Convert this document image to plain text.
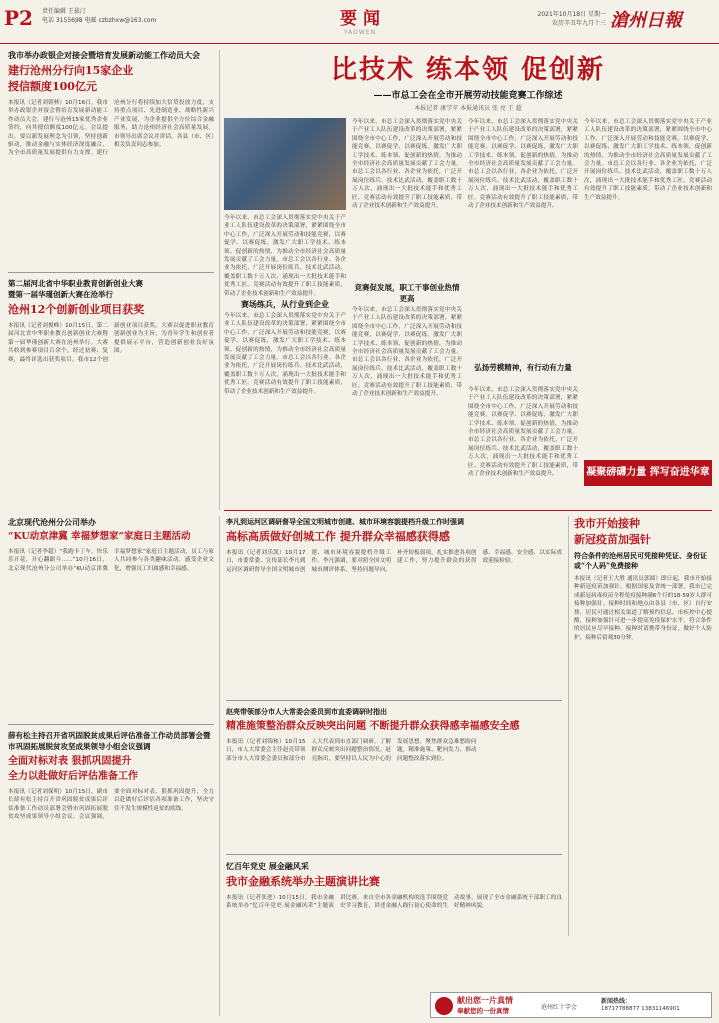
P2 责任编辑 王拔汀
电话 3155698 电邮 czbzhxw@163.com	要 闻
YAOWEN
2021年10月18日 星期一
农历辛丑年九月十三 滄州日報
我市举办政银企对接会暨培育发展新动能工作动员大会
建行沧州分行向15家企业
授信额度100亿元
本报讯（记者刘朝林）10月16日，我市举办政银企对接会暨培育发展新动能工作动员大会。建行与沧州15家优秀企业签约，向其授信额度100亿元。会议提出，要以新发展理念为引领，坚持创新驱动，推动金融与实体经济深度融合，为全市高质量发展提供有力支撑。建行沧州分行将持续加大信贷投放力度，支持重点项目、先进制造业、战略性新兴产业发展，为企业提供全方位综合金融服务，助力沧州经济社会高质量发展。市领导出席会议并讲话，各县（市、区）相关负责同志参加。
第二届河北省中华职业教育创新创业大赛
暨第一届华瑾创新大赛在沧举行
沧州12个创新创业项目获奖
本报讯（记者刘俊峰）10月15日，第二届河北省中华职业教育创新创业大赛暨第一届华瑾创新大赛在沧州举行。大赛共收到参赛项目百余个，经过初赛、复赛，最终评选出获奖项目。我市12个创新创业项目获奖。大赛以促进职业教育创新创业为主旨，为青年学生和创业者提供展示平台，营造创新创业良好氛围。
比技术 练本领 促创新
——市总工会在全市开展劳动技能竞赛工作综述
本报记者 康学苹 本报通讯员 张 亮 王 超
今年以来，市总工会深入贯彻落实党中央关于产业工人队伍建设改革的决策部署，紧紧围绕全市中心工作，广泛深入开展劳动和技能竞赛，以赛促学、以赛促练，激发广大职工学技术、练本领、促创新的热情，为推动全市经济社会高质量发展贡献了工会力量。市总工会以各行业、各企业为依托，广泛开展岗位练兵、技术比武活动，覆盖职工数十万人次，涌现出一大批技术能手和优秀工匠。竞赛活动有效提升了职工技能素质，带动了企业技术创新和生产效益提升。
赛场练兵，从行业到企业
今年以来，市总工会深入贯彻落实党中央关于产业工人队伍建设改革的决策部署，紧紧围绕全市中心工作，广泛深入开展劳动和技能竞赛，以赛促学、以赛促练，激发广大职工学技术、练本领、促创新的热情，为推动全市经济社会高质量发展贡献了工会力量。市总工会以各行业、各企业为依托，广泛开展岗位练兵、技术比武活动，覆盖职工数十万人次，涌现出一大批技术能手和优秀工匠。竞赛活动有效提升了职工技能素质，带动了企业技术创新和生产效益提升。
今年以来，市总工会深入贯彻落实党中央关于产业工人队伍建设改革的决策部署，紧紧围绕全市中心工作，广泛深入开展劳动和技能竞赛，以赛促学、以赛促练，激发广大职工学技术、练本领、促创新的热情，为推动全市经济社会高质量发展贡献了工会力量。市总工会以各行业、各企业为依托，广泛开展岗位练兵、技术比武活动，覆盖职工数十万人次，涌现出一大批技术能手和优秀工匠。竞赛活动有效提升了职工技能素质，带动了企业技术创新和生产效益提升。
竞赛促发展，职工干事创业热情更高
今年以来，市总工会深入贯彻落实党中央关于产业工人队伍建设改革的决策部署，紧紧围绕全市中心工作，广泛深入开展劳动和技能竞赛，以赛促学、以赛促练，激发广大职工学技术、练本领、促创新的热情，为推动全市经济社会高质量发展贡献了工会力量。市总工会以各行业、各企业为依托，广泛开展岗位练兵、技术比武活动，覆盖职工数十万人次，涌现出一大批技术能手和优秀工匠。竞赛活动有效提升了职工技能素质，带动了企业技术创新和生产效益提升。
今年以来，市总工会深入贯彻落实党中央关于产业工人队伍建设改革的决策部署，紧紧围绕全市中心工作，广泛深入开展劳动和技能竞赛，以赛促学、以赛促练，激发广大职工学技术、练本领、促创新的热情，为推动全市经济社会高质量发展贡献了工会力量。市总工会以各行业、各企业为依托，广泛开展岗位练兵、技术比武活动，覆盖职工数十万人次，涌现出一大批技术能手和优秀工匠。竞赛活动有效提升了职工技能素质，带动了企业技术创新和生产效益提升。
弘扬劳模精神，有行动有力量
今年以来，市总工会深入贯彻落实党中央关于产业工人队伍建设改革的决策部署，紧紧围绕全市中心工作，广泛深入开展劳动和技能竞赛，以赛促学、以赛促练，激发广大职工学技术、练本领、促创新的热情，为推动全市经济社会高质量发展贡献了工会力量。市总工会以各行业、各企业为依托，广泛开展岗位练兵、技术比武活动，覆盖职工数十万人次，涌现出一大批技术能手和优秀工匠。竞赛活动有效提升了职工技能素质，带动了企业技术创新和生产效益提升。
今年以来，市总工会深入贯彻落实党中央关于产业工人队伍建设改革的决策部署，紧紧围绕全市中心工作，广泛深入开展劳动和技能竞赛，以赛促学、以赛促练，激发广大职工学技术、练本领、促创新的热情，为推动全市经济社会高质量发展贡献了工会力量。市总工会以各行业、各企业为依托，广泛开展岗位练兵、技术比武活动，覆盖职工数十万人次，涌现出一大批技术能手和优秀工匠。竞赛活动有效提升了职工技能素质，带动了企业技术创新和生产效益提升。
凝聚磅礴力量 挥写奋进华章
北京现代沧州分公司举办
“KU动京津冀 幸福梦想家”家庭日主题活动
本报讯（记者李超）“我跑卡丁车，快乐乐开花，开心翻跟斗……”10月16日，北京现代沧州分公司举办“KU动京津冀 幸福梦想家”家庭日主题活动，员工与家人共同参与各类趣味活动，感受企业文化，增强员工归属感和幸福感。
薛有松主持召开省巩固脱贫成果后评估准备工作动员部署会暨市巩固拓展脱贫攻坚成果领导小组会议强调
全面对标对表 狠抓巩固提升
全力以赴做好后评估准备工作
本报讯（记者刘保明）10月15日，副市长薛有松主持召开省巩固脱贫成果后评估准备工作动员部署会暨市巩固拓展脱贫攻坚成果领导小组会议。会议强调，要全面对标对表，狠抓巩固提升，全力以赴做好后评估各项准备工作，坚决守住不发生规模性返贫的底线。
李凡到运河区调研督导全国文明城市创建、城市环境容貌提档升级工作时强调
高标高质做好创城工作 提升群众幸福感获得感
本报讯（记者刘乐凯）10月17日，市委常委、宣传部长李凡到运河区调研督导全国文明城市创建、城市环境容貌提档升级工作。李凡强调，要对照全国文明城市测评体系，坚持问题导向，补齐短板弱项，扎实推进各项创建工作，努力提升群众的获得感、幸福感、安全感，以实际成效迎接检验。
赵亮带领部分市人大常委会委员到市直委调研时指出
精准施策整治群众反映突出问题 不断提升群众获得感幸福感安全感
本报讯（记者刘锦栋）10月15日，市人大常委会主任赵亮带领部分市人大常委会委员和部分市人大代表到市直部门调研，了解群众反映突出问题整治情况。赵亮指出，要坚持以人民为中心的发展思想，聚焦群众急难愁盼问题，精准施策、靶向发力，推动问题整改落实到位。
忆百年党史 展金融风采
我市金融系统举办主题演讲比赛
本报讯（记者张进）10月15日，我市金融系统举办“忆百年党史·展金融风采”主题演讲比赛。来自全市各金融机构的选手围绕党史学习教育，讲述金融人践行初心使命的生动故事，展现了全市金融系统干部职工的良好精神风貌。
我市开始接种
新冠疫苗加强针
符合条件的沧州居民可凭接种凭证、身份证或“个人码”免费接种
本报讯（记者王大胜 通讯员郭圆）即日起，我市开始接种新冠疫苗加强针。根据国家及省统一部署，我市已完成新冠病毒疫苗全程免疫接种满6个月的18-59岁人群可接种加强针。接种时间和地点由各县（市、区）自行安排，居民可通过相关渠道了解预约信息。市疾控中心提醒，接种加强针可进一步提高免疫保护水平，符合条件的居民应尽早接种。接种时请携带身份证，做好个人防护，接种后留观30分钟。
献出您一片真情
奉献您的一份真情	沧州红十字会
新闻热线：
18717788877 13831146901
